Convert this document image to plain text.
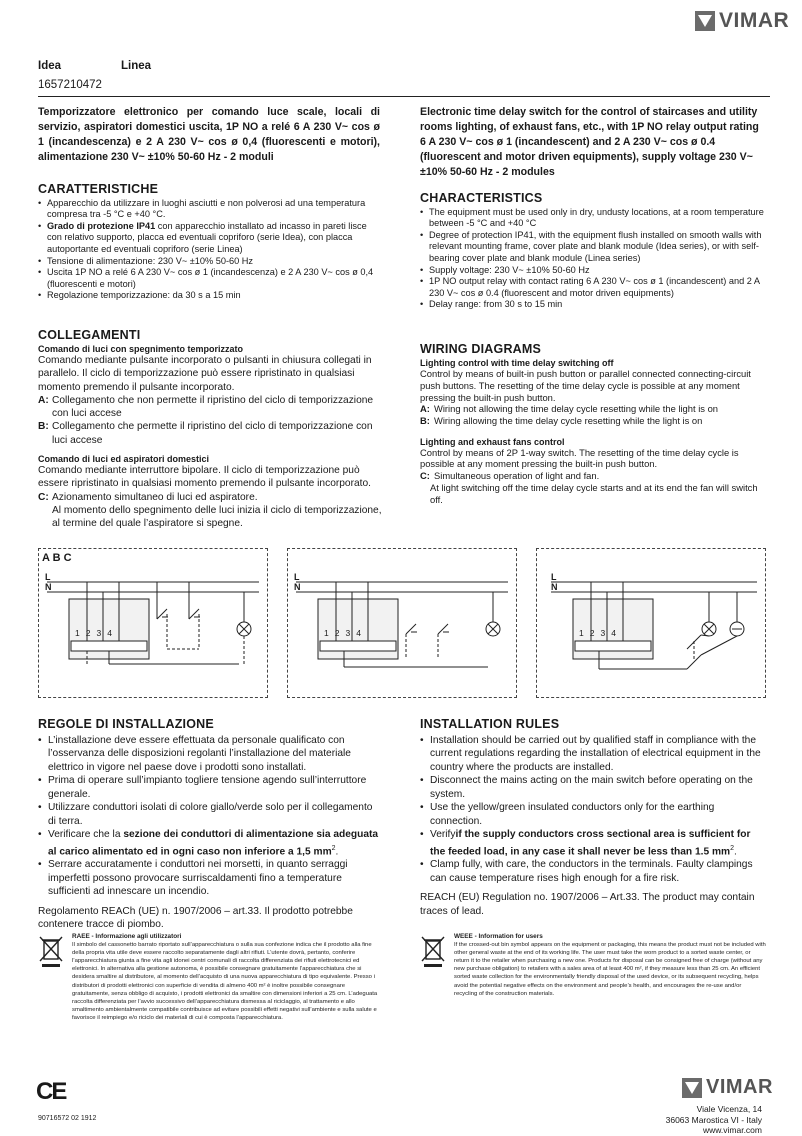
VIMAR
Idea	Linea
1657210472
Temporizzatore elettronico per comando luce scale, locali di servizio, aspiratori domestici uscita, 1P NO a relé 6 A 230 V~ cos ø 1 (incandescenza) e 2 A 230 V~ cos ø 0,4 (fluorescenti e motori), alimentazione 230 V~ ±10% 50-60 Hz - 2 moduli
Electronic time delay switch for the control of staircases and utility rooms lighting, of exhaust fans, etc., with 1P NO relay output rating 6 A 230 V~ cos ø 1 (incandescent) and 2 A 230 V~ cos ø 0.4 (fluorescent and motor driven equipments), supply voltage 230 V~ ±10% 50-60 Hz - 2 modules
CARATTERISTICHE
• Apparecchio da utilizzare in luoghi asciutti e non polverosi ad una temperatura compresa tra -5 °C e +40 °C.
• Grado di protezione IP41 con apparecchio installato ad incasso in pareti lisce con relativo supporto, placca ed eventuali copriforo (serie Idea), con placca autoportante ed eventuali copriforo (serie Linea)
• Tensione di alimentazione: 230 V~ ±10% 50-60 Hz
• Uscita 1P NO a relé 6 A 230 V~ cos ø 1 (incandescenza) e 2 A 230 V~ cos ø 0,4 (fluorescenti e motori)
• Regolazione temporizzazione: da 30 s a 15 min
CHARACTERISTICS
• The equipment must be used only in dry, undusty locations, at a room temperature between -5 °C and +40 °C
• Degree of protection IP41, with the equipment flush installed on smooth walls with relevant mounting frame, cover plate and blank module (Idea series), or with self-bearing cover plate and blank module (Linea series)
• Supply voltage: 230 V~ ±10% 50-60 Hz
• 1P NO output relay with contact rating 6 A 230 V~ cos ø 1 (incandescent) and 2 A 230 V~ cos ø 0.4 (fluorescent and motor driven equipments)
• Delay range: from 30 s to 15 min
COLLEGAMENTI
Comando di luci con spegnimento temporizzato
Comando mediante pulsante incorporato o pulsanti in chiusura collegati in parallelo. Il ciclo di temporizzazione può essere ripristinato in qualsiasi momento premendo il pulsante incorporato.
A: Collegamento che non permette il ripristino del ciclo di temporizzazione con luci accese
B: Collegamento che permette il ripristino del ciclo di temporizzazione con luci accese
Comando di luci ed aspiratori domestici
Comando mediante interruttore bipolare. Il ciclo di temporizzazione può essere ripristinato in qualsiasi momento premendo il pulsante incorporato.
C: Azionamento simultaneo di luci ed aspiratore.
Al momento dello spegnimento delle luci inizia il ciclo di temporizzazione, al termine del quale l’aspiratore si spegne.
WIRING DIAGRAMS
Lighting control with time delay switching off
Control by means of built-in push button or parallel connected connecting-circuit push buttons. The resetting of the time delay cycle is possible at any moment pressing the built-in push button.
A: Wiring not allowing the time delay cycle resetting while the light is on
B: Wiring allowing the time delay cycle resetting while the light is on
Lighting and exhaust fans control
Control by means of 2P 1-way switch. The resetting of the time delay cycle is possible at any moment pressing the built-in push button.
C: Simultaneous operation of light and fan.
At light switching off the time delay cycle starts and at its end the fan will switch off.
A B C
L
N
1234
L
N
1234
L
N
1234
REGOLE DI INSTALLAZIONE
• L’installazione deve essere effettuata da personale qualificato con l’osservanza delle disposizioni regolanti l’installazione del materiale elettrico in vigore nel paese dove i prodotti sono installati.
• Prima di operare sull’impianto togliere tensione agendo sull’interruttore generale.
• Utilizzare conduttori isolati di colore giallo/verde solo per il collegamento di terra.
• Verificare che la sezione dei conduttori di alimentazione sia adeguata al carico alimentato ed in ogni caso non inferiore a 1,5 $mm^2$.
• Serrare accuratamente i conduttori nei morsetti, in quanto serraggi imperfetti possono provocare surriscaldamenti fino a temperature sufficienti ad innescare un incendio.
Regolamento REACh (UE) n. 1907/2006 – art.33. Il prodotto potrebbe contenere tracce di piombo.
INSTALLATION RULES
• Installation should be carried out by qualified staff in compliance with the current regulations regarding the installation of electrical equipment in the country where the products are installed.
• Disconnect the mains acting on the main switch before operating on the system.
• Use the yellow/green insulated conductors only for the earthing connection.
• Verifyif the supply conductors cross sectional area is sufficient for the feeded load, in any case it shall never be less than 1.5 $mm^2$.
• Clamp fully, with care, the conductors in the terminals. Faulty clampings can cause temperature rises high enough for a fire risk.
REACH (EU) Regulation no. 1907/2006 – Art.33. The product may contain traces of lead.
RAEE - Informazione agli utilizzatori
Il simbolo del cassonetto barrato riportato sull’apparecchiatura o sulla sua confezione indica che il prodotto alla fine della propria vita utile deve essere raccolto separatamente dagli altri rifiuti. L’utente dovrà, pertanto, conferire l’apparecchiatura giunta a fine vita agli idonei centri comunali di raccolta differenziata dei rifiuti elettrotecnici ed elettronici. In alternativa alla gestione autonoma, è possibile consegnare gratuitamente l’apparecchiatura che si desidera smaltire al distributore, al momento dell’acquisto di una nuova apparecchiatura di tipo equivalente. Presso i distributori di prodotti elettronici con superficie di vendita di almeno 400 m² è inoltre possibile consegnare gratuitamente, senza obbligo di acquisto, i prodotti elettronici da smaltire con dimensioni inferiori a 25 cm. L’adeguata raccolta differenziata per l’avvio successivo dell’apparecchiatura dismessa al riciclaggio, al trattamento e allo smaltimento ambientalmente compatibile contribuisce ad evitare possibili effetti negativi sull’ambiente e sulla salute e favorisce il reimpiego e/o riciclo dei materiali di cui è composta l’apparecchiatura.
WEEE - Information for users
If the crossed-out bin symbol appears on the equipment or packaging, this means the product must not be included with other general waste at the end of its working life. The user must take the worn product to a sorted waste center, or return it to the retailer when purchasing a new one. Products for disposal can be consigned free of charge (without any new purchase obligation) to retailers with a sales area of at least 400 m², if they measure less than 25 cm. An efficient sorted waste collection for the environmentally friendly disposal of the used device, or its subsequent recycling, helps avoid the potential negative effects on the environment and people’s health, and encourages the re-use and/or recycling of the construction materials.
CE
90716572 02 1912
VIMAR
Viale Vicenza, 14
36063 Marostica VI - Italy
www.vimar.com
